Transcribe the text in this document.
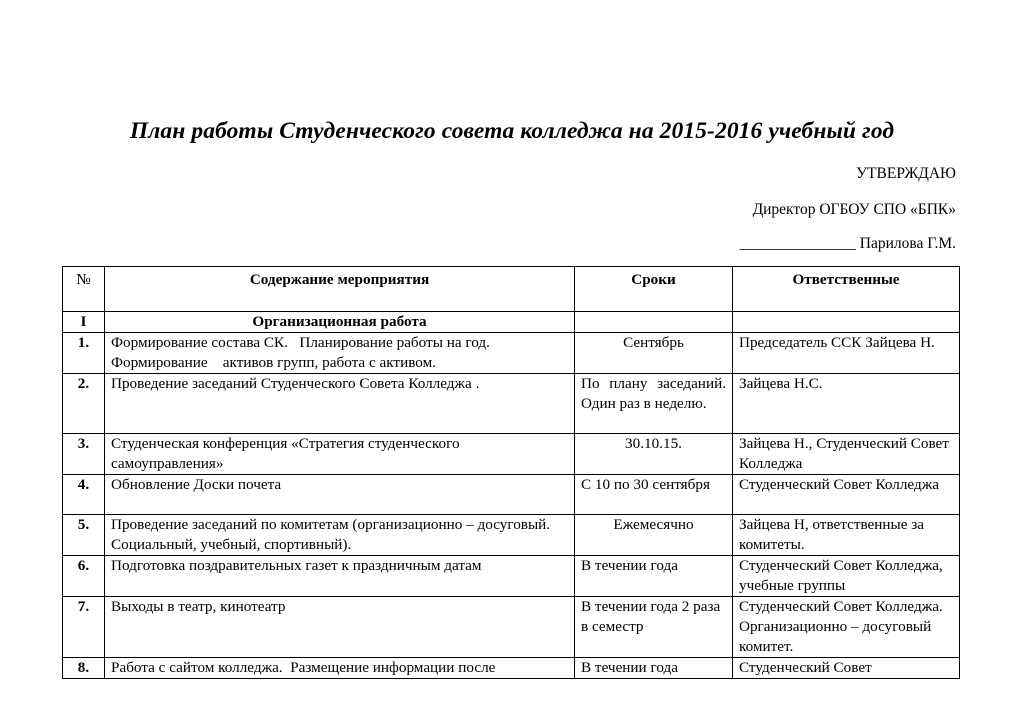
План работы Студенческого совета колледжа на 2015-2016 учебный год
УТВЕРЖДАЮ
Директор ОГБОУ СПО «БПК»
_______________ Парилова Г.М.
№	Содержание мероприятия	Сроки	Ответственные
I	Организационная работа		
1.	Формирование состава СК.   Планирование работы на год. Формирование    активов групп, работа с активом.	Сентябрь	Председатель ССК Зайцева Н.
2.	Проведение заседаний Студенческого Совета Колледжа .	По плану заседаний. Один раз в неделю.	Зайцева Н.С.
3.	Студенческая конференция «Стратегия студенческого самоуправления»	30.10.15.	Зайцева Н., Студенческий Совет Колледжа
4.	Обновление Доски почета	С 10 по 30 сентября	Студенческий Совет Колледжа
5.	Проведение заседаний по комитетам (организационно – досуговый. Социальный, учебный, спортивный).	Ежемесячно	Зайцева Н, ответственные за комитеты.
6.	Подготовка поздравительных газет к праздничным датам	В течении года	Студенческий Совет Колледжа, учебные группы
7.	Выходы в театр, кинотеатр	В течении года 2 раза в семестр	Студенческий Совет Колледжа. Организационно – досуговый комитет.
8.	Работа с сайтом колледжа.  Размещение информации после	В течении года	Студенческий Совет
